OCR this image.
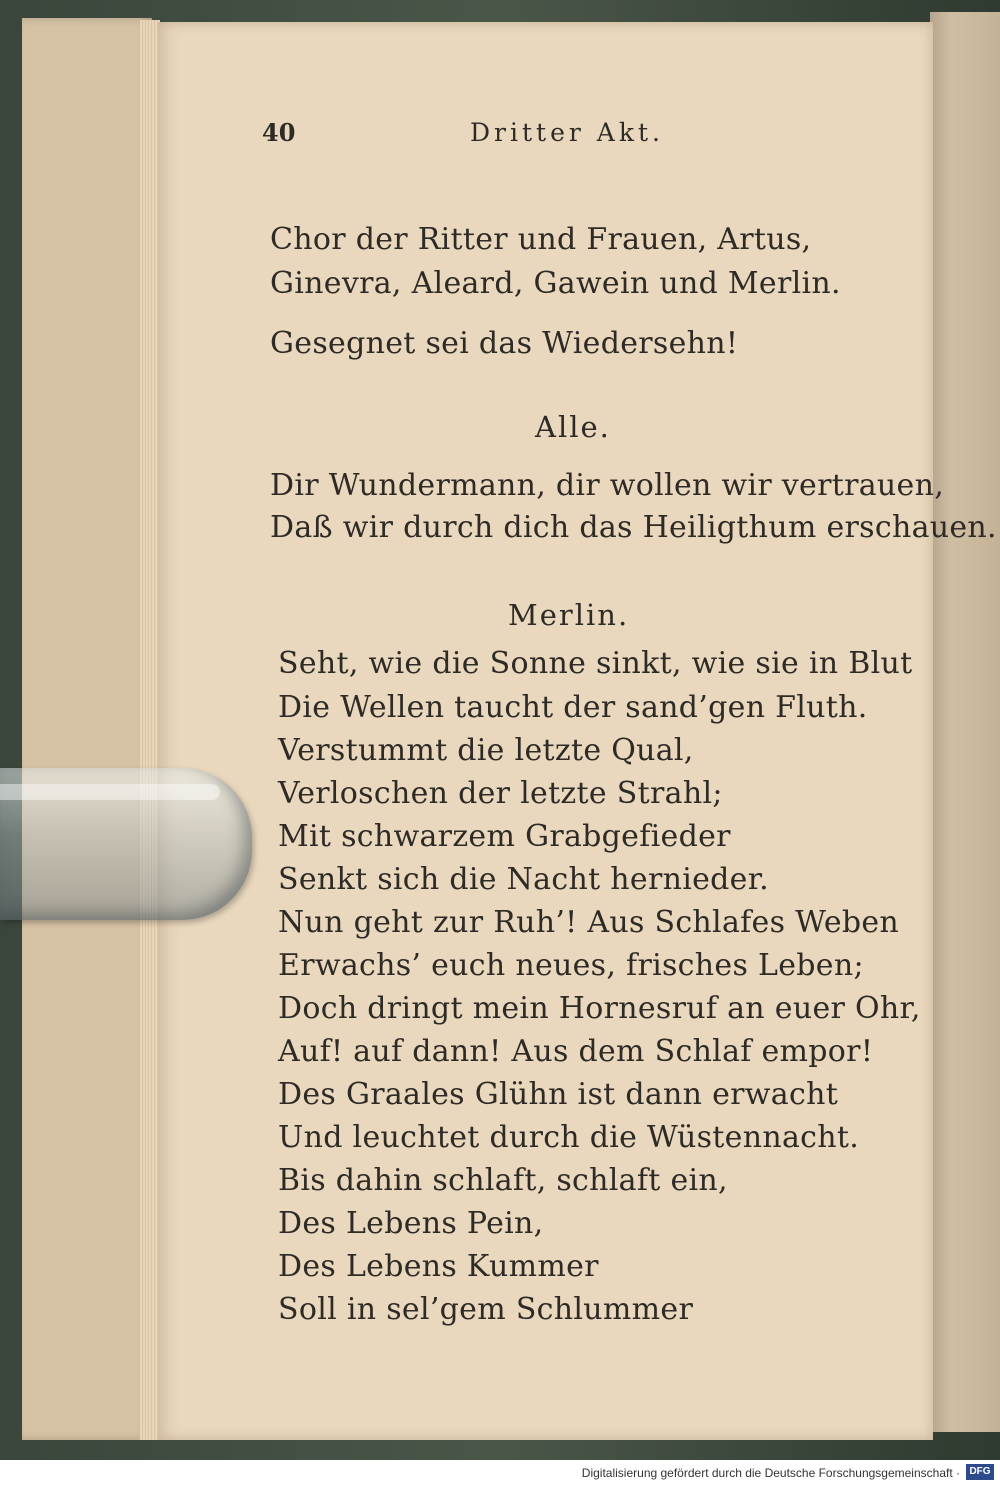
40	Dritter Akt.
Chor der Ritter und Frauen, Artus,
Ginevra, Aleard, Gawein und Merlin.
Gesegnet sei das Wiedersehn!
Alle.
Dir Wundermann, dir wollen wir vertrauen,
Daß wir durch dich das Heiligthum erschauen.
Merlin.
Seht, wie die Sonne sinkt, wie sie in Blut
Die Wellen taucht der sand’gen Fluth.
Verstummt die letzte Qual,
Verloschen der letzte Strahl;
Mit schwarzem Grabgefieder
Senkt sich die Nacht hernieder.
Nun geht zur Ruh’! Aus Schlafes Weben
Erwachs’ euch neues, frisches Leben;
Doch dringt mein Hornesruf an euer Ohr,
Auf! auf dann! Aus dem Schlaf empor!
Des Graales Glühn ist dann erwacht
Und leuchtet durch die Wüstennacht.
Bis dahin schlaft, schlaft ein,
Des Lebens Pein,
Des Lebens Kummer
Soll in sel’gem Schlummer
Digitalisierung gefördert durch die Deutsche Forschungsgemeinschaft · DFG
